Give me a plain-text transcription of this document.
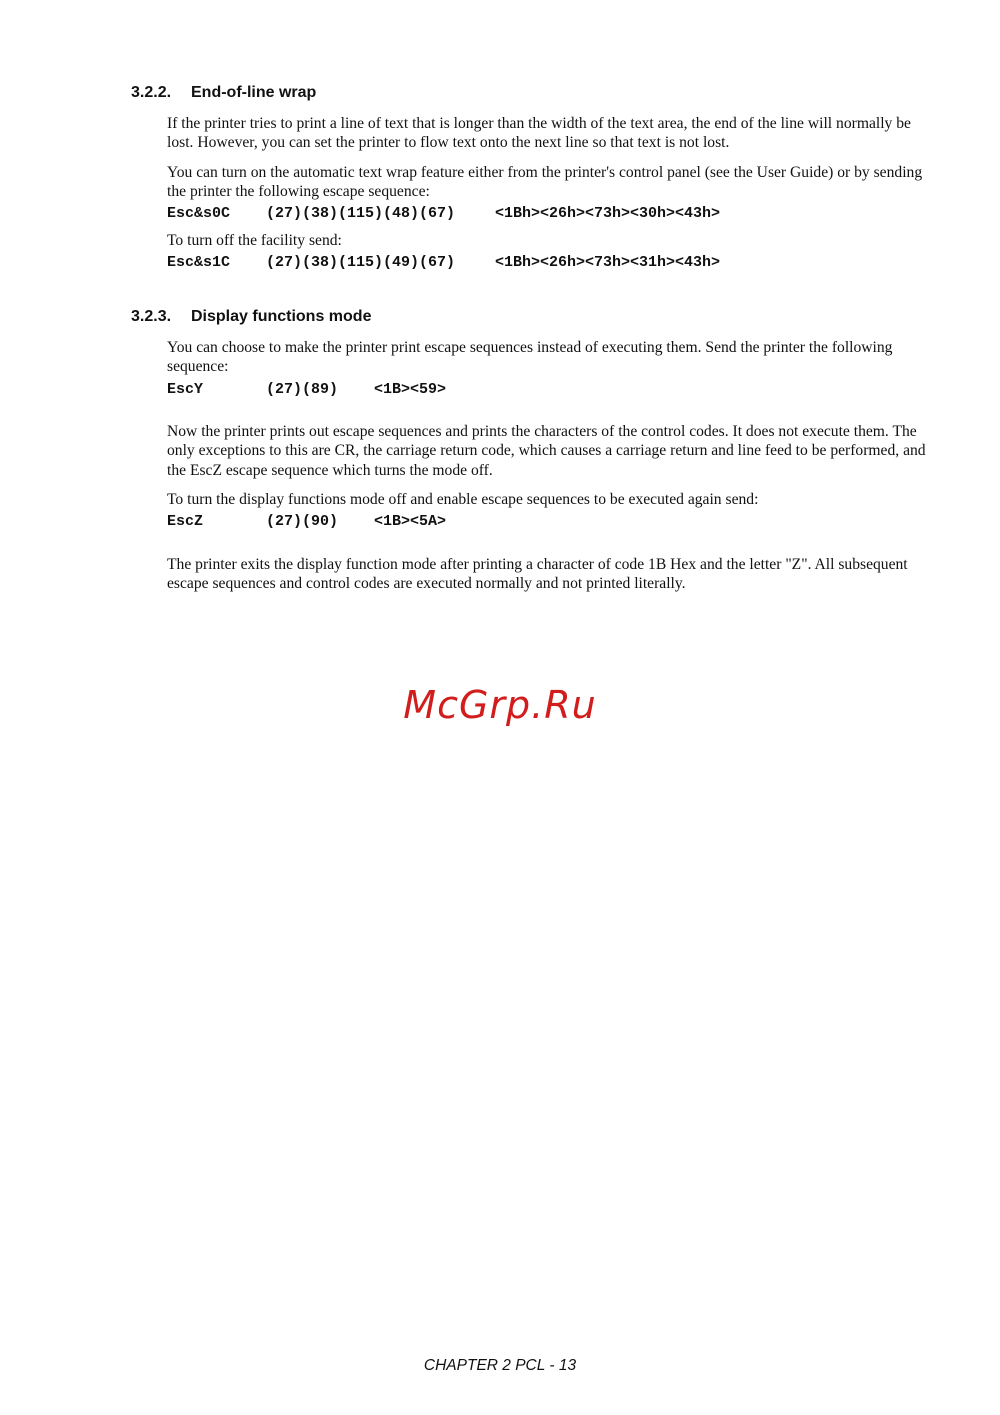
3.2.2. End-of-line wrap

If the printer tries to print a line of text that is longer than the width of the text area, the end of the line will normally be lost. However, you can set the printer to flow text onto the next line so that text is not lost.

You can turn on the automatic text wrap feature either from the printer's control panel (see the User Guide) or by sending the printer the following escape sequence:

Esc&s0C (27)(38)(115)(48)(67)	<1Bh><26h><73h><30h><43h>

To turn off the facility send:

Esc&s1C (27)(38)(115)(49)(67)	<1Bh><26h><73h><31h><43h>
3.2.3. Display functions mode

You can choose to make the printer print escape sequences instead of executing them. Send the printer the following sequence:

EscY	(27)(89) <1B><59>

Now the printer prints out escape sequences and prints the characters of the control codes. It does not execute them. The only exceptions to this are CR, the carriage return code, which causes a carriage return and line feed to be performed, and the EscZ escape sequence which turns the mode off.

To turn the display functions mode off and enable escape sequences to be executed again send:

EscZ	(27)(90) <1B><5A>

The printer exits the display function mode after printing a character of code 1B Hex and the letter "Z". All subsequent escape sequences and control codes are executed normally and not printed literally.

McGrp.Ru
CHAPTER 2 PCL - 13
